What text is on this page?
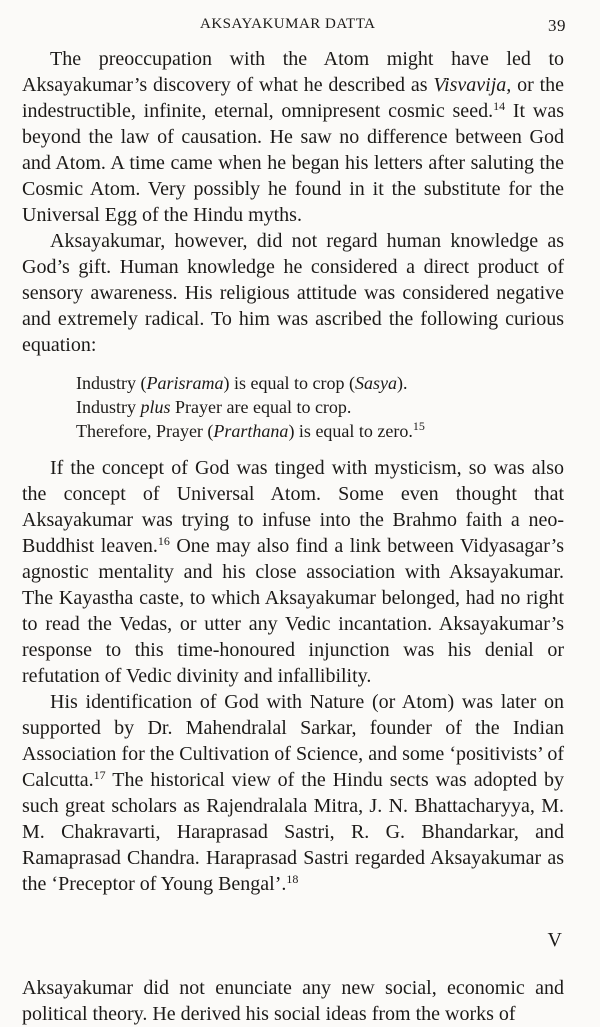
AKSAYAKUMAR DATTA	39

The preoccupation with the Atom might have led to Aksayakumar’s discovery of what he described as Visvavija, or the indestructible, infinite, eternal, omnipresent cosmic seed.$^{14}$ It was beyond the law of causation. He saw no difference between God and Atom. A time came when he began his letters after saluting the Cosmic Atom. Very possibly he found in it the substitute for the Universal Egg of the Hindu myths.

Aksayakumar, however, did not regard human knowledge as God’s gift. Human knowledge he considered a direct product of sensory awareness. His religious attitude was considered negative and extremely radical. To him was ascribed the following curious equation:

Industry (Parisrama) is equal to crop (Sasya).
Industry plus Prayer are equal to crop.
Therefore, Prayer (Prarthana) is equal to zero.$^{15}$

If the concept of God was tinged with mysticism, so was also the concept of Universal Atom. Some even thought that Aksayakumar was trying to infuse into the Brahmo faith a neo-Buddhist leaven.$^{16}$ One may also find a link between Vidyasagar’s agnostic mentality and his close association with Aksayakumar. The Kayastha caste, to which Aksayakumar belonged, had no right to read the Vedas, or utter any Vedic incantation. Aksayakumar’s response to this time-honoured injunction was his denial or refutation of Vedic divinity and infallibility.

His identification of God with Nature (or Atom) was later on supported by Dr. Mahendralal Sarkar, founder of the Indian Association for the Cultivation of Science, and some ‘positivists’ of Calcutta.$^{17}$ The historical view of the Hindu sects was adopted by such great scholars as Rajendralala Mitra, J. N. Bhattacharyya, M. M. Chakravarti, Haraprasad Sastri, R. G. Bhandarkar, and Ramaprasad Chandra. Haraprasad Sastri regarded Aksayakumar as the ‘Preceptor of Young Bengal’.$^{18}$

V

Aksayakumar did not enunciate any new social, economic and political theory. He derived his social ideas from the works of
